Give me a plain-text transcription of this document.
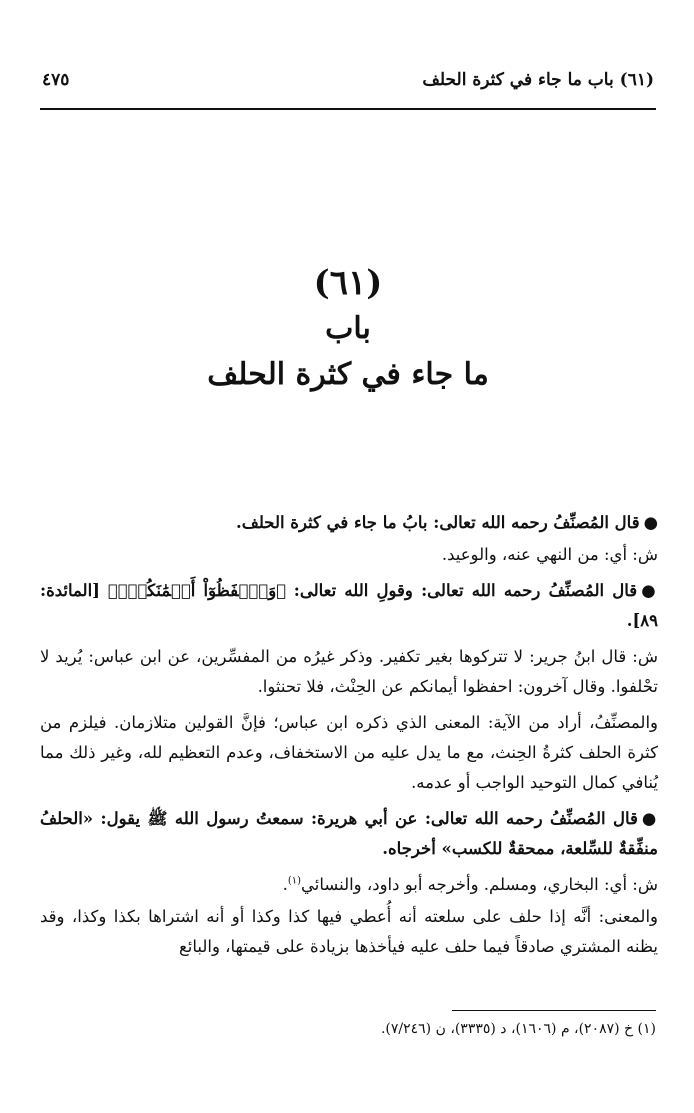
(٦١) باب ما جاء في كثرة الحلف
٤٧٥
(٦١)
باب
ما جاء في كثرة الحلف

●قال المُصنِّفُ رحمه الله تعالى: بابُ ما جاء في كثرة الحلف.

ش: أي: من النهي عنه، والوعيد.

●قال المُصنِّفُ رحمه الله تعالى: وقولِ الله تعالى: ﴿وَٱحۡفَظُوٓاْ أَيۡمَٰنَكُمۡۚ﴾ [المائدة: ٨٩].

ش: قال ابنُ جرير: لا تتركوها بغير تكفير. وذكر غيرُه من المفسِّرين، عن ابن عباس: يُريد لا تحْلفوا. وقال آخرون: احفظوا أيمانكم عن الحِنْث، فلا تحنثوا.

والمصنِّفُ، أراد من الآية: المعنى الذي ذكره ابن عباس؛ فإنَّ القولين متلازمان. فيلزم من كثرة الحلف كثرةُ الحِنث، مع ما يدل عليه من الاستخفاف، وعدم التعظيم لله، وغير ذلك مما يُنافي كمال التوحيد الواجب أو عدمه.

●قال المُصنِّفُ رحمه الله تعالى: عن أبي هريرة: سمعتُ رسول الله ﷺ يقول: «الحلفُ منفِّقةٌ للسِّلعة، ممحقةٌ للكسب» أخرجاه.

ش: أي: البخاري، ومسلم. وأخرجه أبو داود، والنسائي$^{(١)}$.

والمعنى: أنَّه إذا حلف على سلعته أنه أُعطي فيها كذا وكذا أو أنه اشتراها بكذا وكذا، وقد يظنه المشتري صادقاً فيما حلف عليه فيأخذها بزيادة على قيمتها، والبائع

(١) خ (٢٠٨٧)، م (١٦٠٦)، د (٣٣٣٥)، ن (٧/٢٤٦).
